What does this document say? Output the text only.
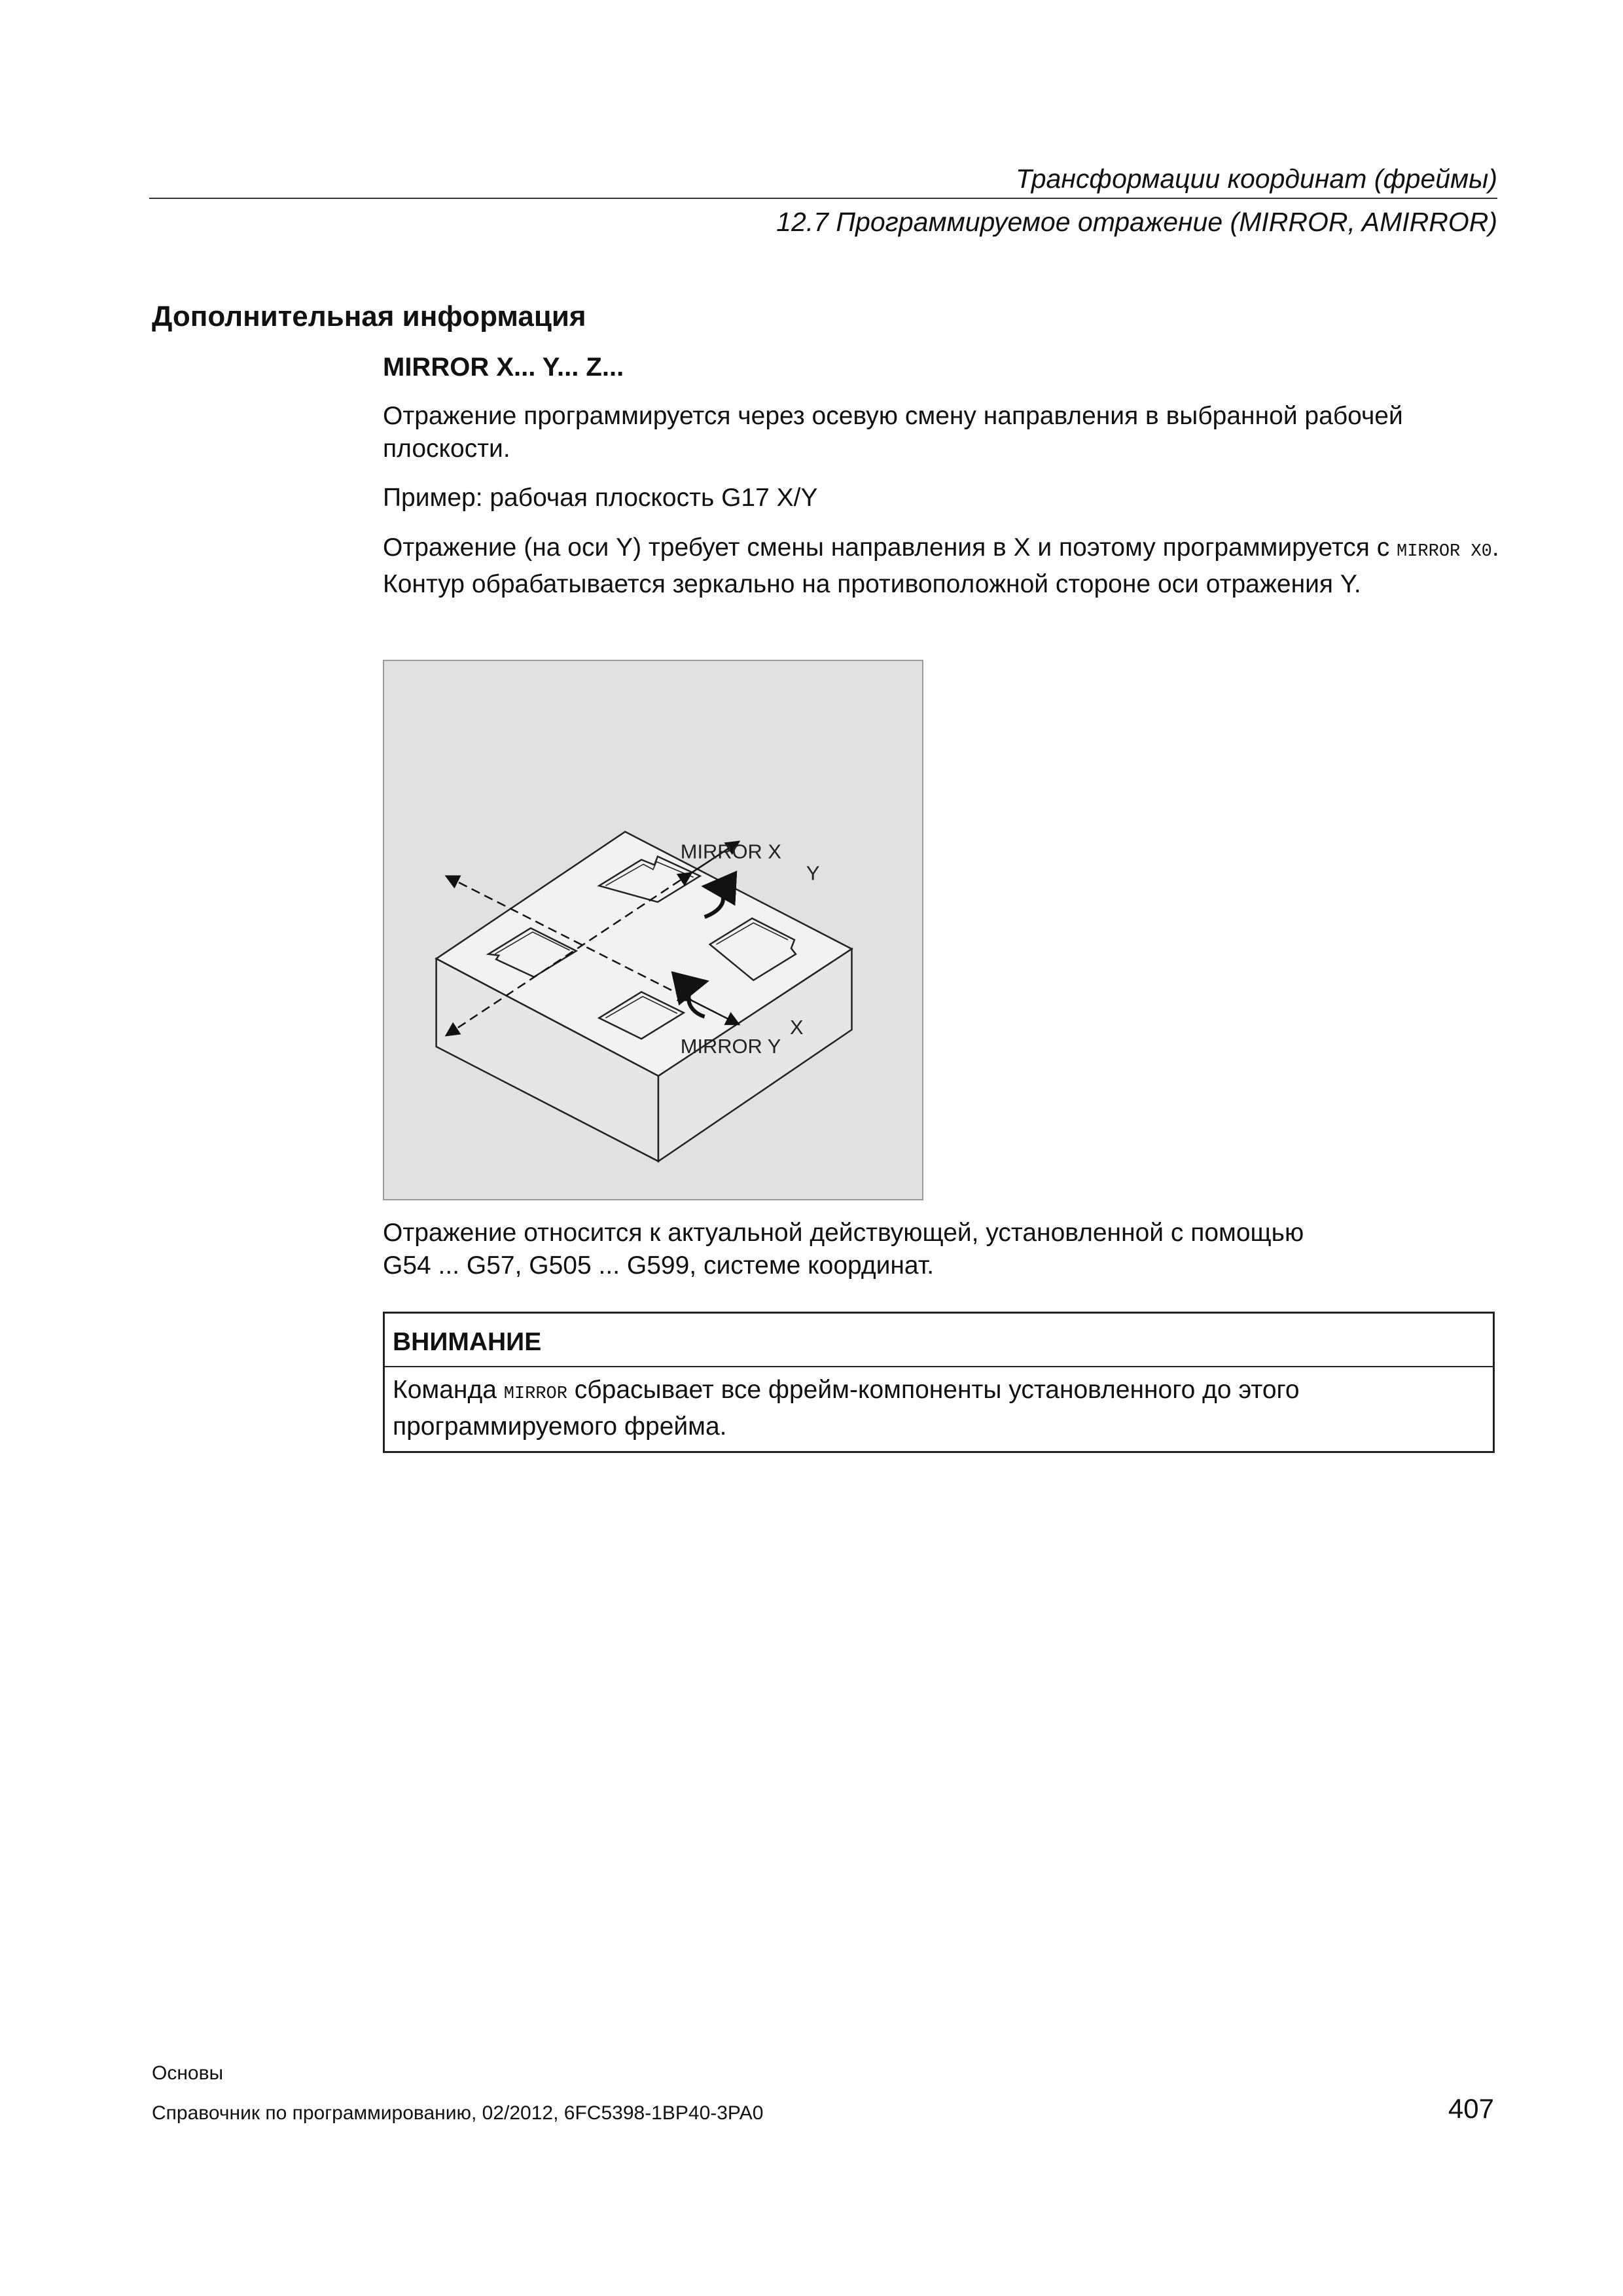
Трансформации координат (фреймы)
12.7 Программируемое отражение (MIRROR, AMIRROR)
Дополнительная информация
MIRROR X... Y... Z...

Отражение программируется через осевую смену направления в выбранной рабочей плоскости.

Пример: рабочая плоскость G17 X/Y

Отражение (на оси Y) требует смены направления в X и поэтому программируется с MIRROR X0. Контур обрабатывается зеркально на противоположной стороне оси отражения Y.

MIRROR X
Y
X
MIRROR Y

Отражение относится к актуальной действующей, установленной с помощью
G54 ... G57, G505 ... G599, системе координат.

ВНИМАНИЕ
Команда MIRROR сбрасывает все фрейм-компоненты установленного до этого программируемого фрейма.
Основы
Справочник по программированию, 02/2012, 6FC5398-1BP40-3PA0	407
